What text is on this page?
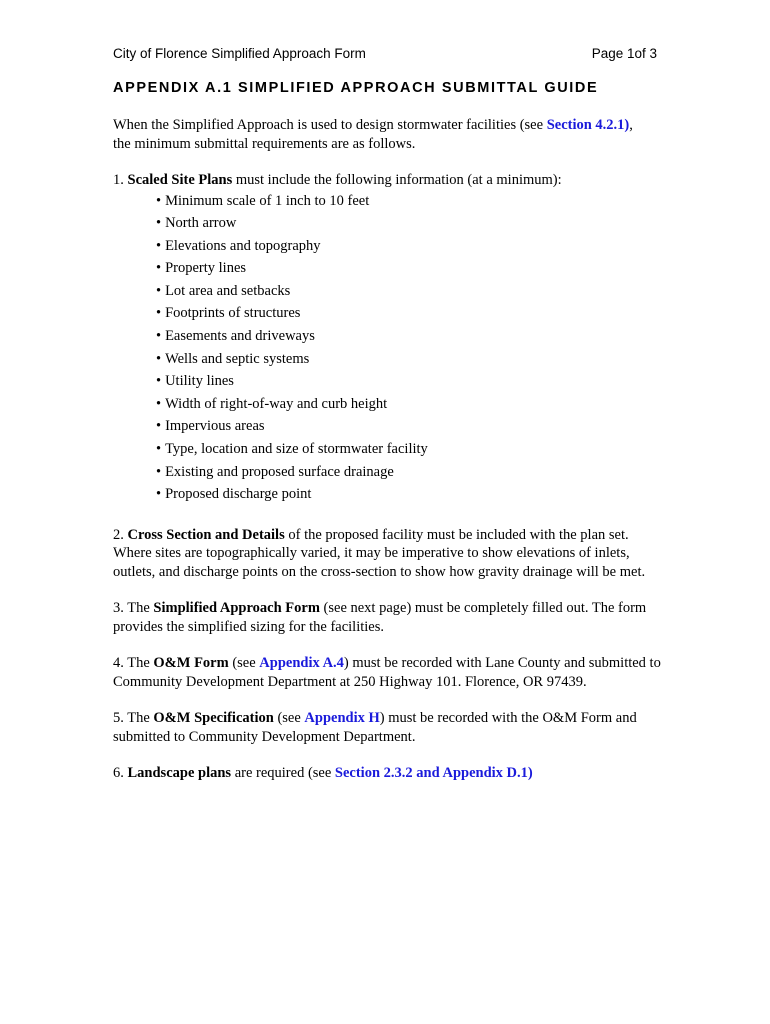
City of Florence Simplified Approach Form	Page 1of 3
APPENDIX A.1 SIMPLIFIED APPROACH SUBMITTAL GUIDE

When the Simplified Approach is used to design stormwater facilities (see Section 4.2.1),
the minimum submittal requirements are as follows.

1. Scaled Site Plans must include the following information (at a minimum):

• Minimum scale of 1 inch to 10 feet
• North arrow
• Elevations and topography
• Property lines
• Lot area and setbacks
• Footprints of structures
• Easements and driveways
• Wells and septic systems
• Utility lines
• Width of right-of-way and curb height
• Impervious areas
• Type, location and size of stormwater facility
• Existing and proposed surface drainage
• Proposed discharge point

2. Cross Section and Details of the proposed facility must be included with the plan set. Where sites are topographically varied, it may be imperative to show elevations of inlets, outlets, and discharge points on the cross-section to show how gravity drainage will be met.

3. The Simplified Approach Form (see next page) must be completely filled out. The form provides the simplified sizing for the facilities.

4. The O&M Form (see Appendix A.4) must be recorded with Lane County and submitted to Community Development Department at 250 Highway 101. Florence, OR 97439.

5. The O&M Specification (see Appendix H) must be recorded with the O&M Form and submitted to Community Development Department.

6. Landscape plans are required (see Section 2.3.2 and Appendix D.1)
